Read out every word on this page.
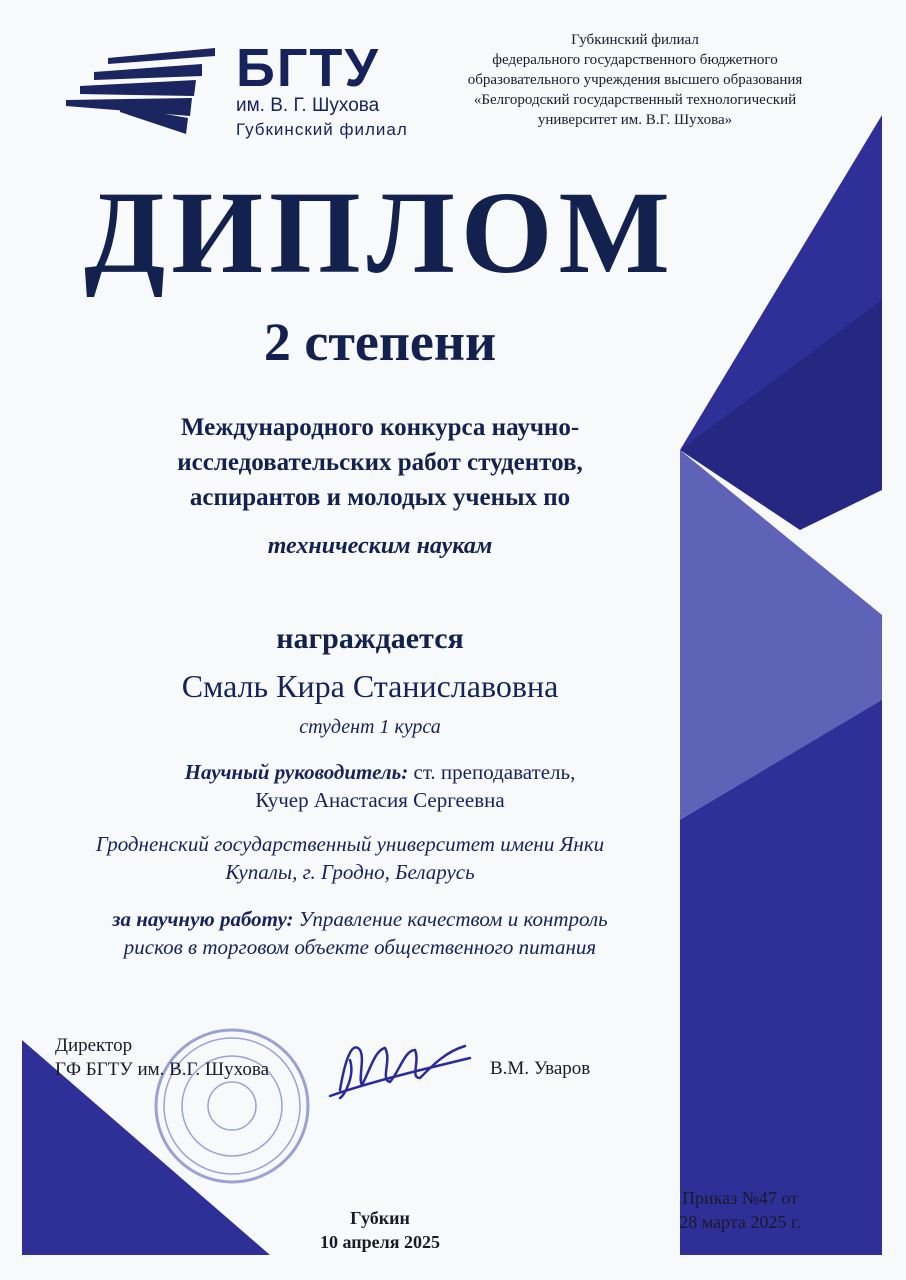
БГТУ
им. В. Г. Шухова
Губкинский филиал
Губкинский филиал
федерального государственного бюджетного
образовательного учреждения высшего образования
«Белгородский государственный технологический
университет им. В.Г. Шухова»
ДИПЛОМ
2 степени
Международного конкурса научно-
исследовательских работ студентов,
аспирантов и молодых ученых по
техническим наукам
награждается
Смаль Кира Станиславовна
студент 1 курса
Научный руководитель: ст. преподаватель,
Кучер Анастасия Сергеевна
Гродненский государственный университет имени Янки
Купалы, г. Гродно, Беларусь
за научную работу: Управление качеством и контроль
рисков в торговом объекте общественного питания
Директор
ГФ БГТУ им. В.Г. Шухова	В.М. Уваров
Губкин
10 апреля 2025
Приказ №47 от
28 марта 2025 г.
